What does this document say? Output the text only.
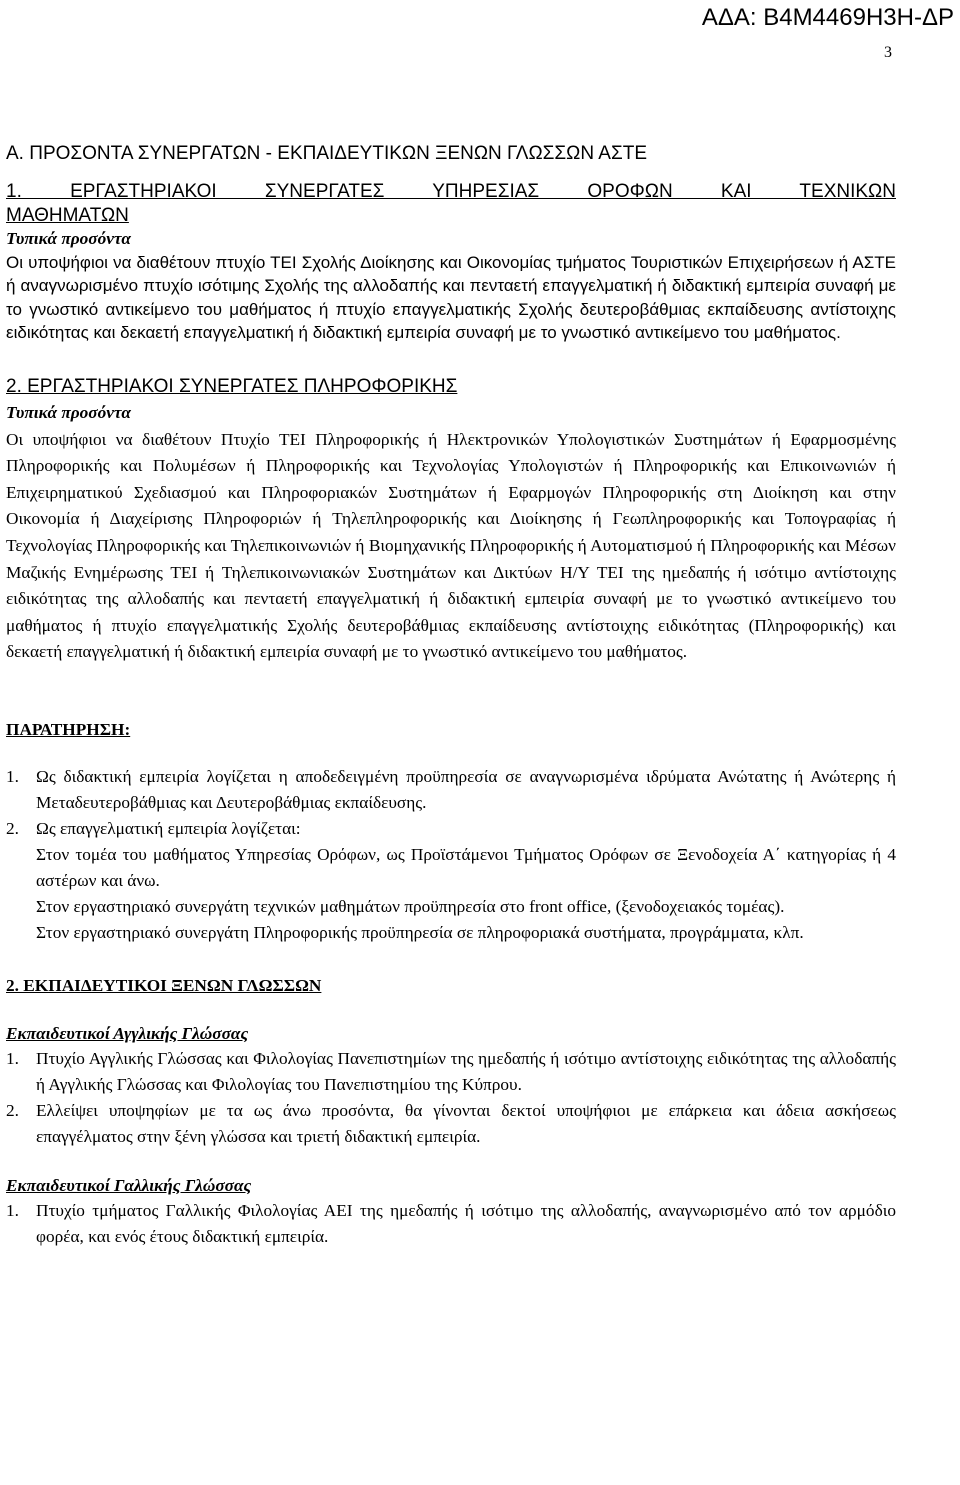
ΑΔΑ: Β4Μ4469Η3Η-ΔΡ
3

Α. ΠΡΟΣΟΝΤΑ ΣΥΝΕΡΓΑΤΩΝ - ΕΚΠΑΙΔΕΥΤΙΚΩΝ ΞΕΝΩΝ ΓΛΩΣΣΩΝ ΑΣΤΕ

1. ΕΡΓΑΣΤΗΡΙΑΚΟΙ ΣΥΝΕΡΓΑΤΕΣ ΥΠΗΡΕΣΙΑΣ ΟΡΟΦΩΝ ΚΑΙ ΤΕΧΝΙΚΩΝ

ΜΑΘΗΜΑΤΩΝ

Τυπικά προσόντα

Οι υποψήφιοι να διαθέτουν πτυχίο ΤΕΙ Σχολής Διοίκησης και Οικονομίας τμήματος Τουριστικών Επιχειρήσεων ή ΑΣΤΕ ή αναγνωρισμένο πτυχίο ισότιμης Σχολής της αλλοδαπής και πενταετή επαγγελματική ή διδακτική εμπειρία συναφή με το γνωστικό αντικείμενο του μαθήματος ή πτυχίο επαγγελματικής Σχολής δευτεροβάθμιας εκπαίδευσης αντίστοιχης ειδικότητας και δεκαετή επαγγελματική ή διδακτική εμπειρία συναφή με το γνωστικό αντικείμενο του μαθήματος.

2. ΕΡΓΑΣΤΗΡΙΑΚΟΙ ΣΥΝΕΡΓΑΤΕΣ ΠΛΗΡΟΦΟΡΙΚΗΣ

Τυπικά προσόντα

Οι υποψήφιοι να διαθέτουν Πτυχίο ΤΕΙ Πληροφορικής ή Ηλεκτρονικών Υπολογιστικών Συστημάτων ή Εφαρμοσμένης Πληροφορικής και Πολυμέσων ή Πληροφορικής και Τεχνολογίας Υπολογιστών ή Πληροφορικής και Επικοινωνιών ή Επιχειρηματικού Σχεδιασμού και Πληροφοριακών Συστημάτων ή Εφαρμογών Πληροφορικής στη Διοίκηση και στην Οικονομία ή Διαχείρισης Πληροφοριών ή Τηλεπληροφορικής και Διοίκησης ή Γεωπληροφορικής και Τοπογραφίας ή Τεχνολογίας Πληροφορικής και Τηλεπικοινωνιών ή Βιομηχανικής Πληροφορικής ή Αυτοματισμού ή Πληροφορικής και Μέσων Μαζικής Ενημέρωσης ΤΕΙ ή Τηλεπικοινωνιακών Συστημάτων και Δικτύων Η/Υ ΤΕΙ της ημεδαπής ή ισότιμο αντίστοιχης ειδικότητας της αλλοδαπής και πενταετή επαγγελματική ή διδακτική εμπειρία συναφή με το γνωστικό αντικείμενο του μαθήματος ή πτυχίο επαγγελματικής Σχολής δευτεροβάθμιας εκπαίδευσης αντίστοιχης ειδικότητας (Πληροφορικής) και δεκαετή επαγγελματική ή διδακτική εμπειρία συναφή με το γνωστικό αντικείμενο του μαθήματος.

ΠΑΡΑΤΗΡΗΣΗ:

1. Ως διδακτική εμπειρία λογίζεται η αποδεδειγμένη προϋπηρεσία σε αναγνωρισμένα ιδρύματα Ανώτατης ή Ανώτερης ή Μεταδευτεροβάθμιας και Δευτεροβάθμιας εκπαίδευσης.
2. Ως επαγγελματική εμπειρία λογίζεται:

Στον τομέα του μαθήματος Υπηρεσίας Ορόφων, ως Προϊστάμενοι Τμήματος Ορόφων σε Ξενοδοχεία Α΄ κατηγορίας ή 4 αστέρων και άνω.

Στον εργαστηριακό συνεργάτη τεχνικών μαθημάτων προϋπηρεσία στο front office, (ξενοδοχειακός τομέας).

Στον εργαστηριακό συνεργάτη Πληροφορικής προϋπηρεσία σε πληροφοριακά συστήματα, προγράμματα, κλπ.

2. ΕΚΠΑΙΔΕΥΤΙΚΟΙ ΞΕΝΩΝ ΓΛΩΣΣΩΝ

Εκπαιδευτικοί Αγγλικής Γλώσσας

1. Πτυχίο Αγγλικής Γλώσσας και Φιλολογίας Πανεπιστημίων της ημεδαπής ή ισότιμο αντίστοιχης ειδικότητας της αλλοδαπής ή Αγγλικής Γλώσσας και Φιλολογίας του Πανεπιστημίου της Κύπρου.
2. Ελλείψει υποψηφίων με τα ως άνω προσόντα, θα γίνονται δεκτοί υποψήφιοι με επάρκεια και άδεια ασκήσεως επαγγέλματος στην ξένη γλώσσα και τριετή διδακτική εμπειρία.

Εκπαιδευτικοί Γαλλικής Γλώσσας

1. Πτυχίο τμήματος Γαλλικής Φιλολογίας ΑΕΙ της ημεδαπής ή ισότιμο της αλλοδαπής, αναγνωρισμένο από τον αρμόδιο φορέα, και ενός έτους διδακτική εμπειρία.
